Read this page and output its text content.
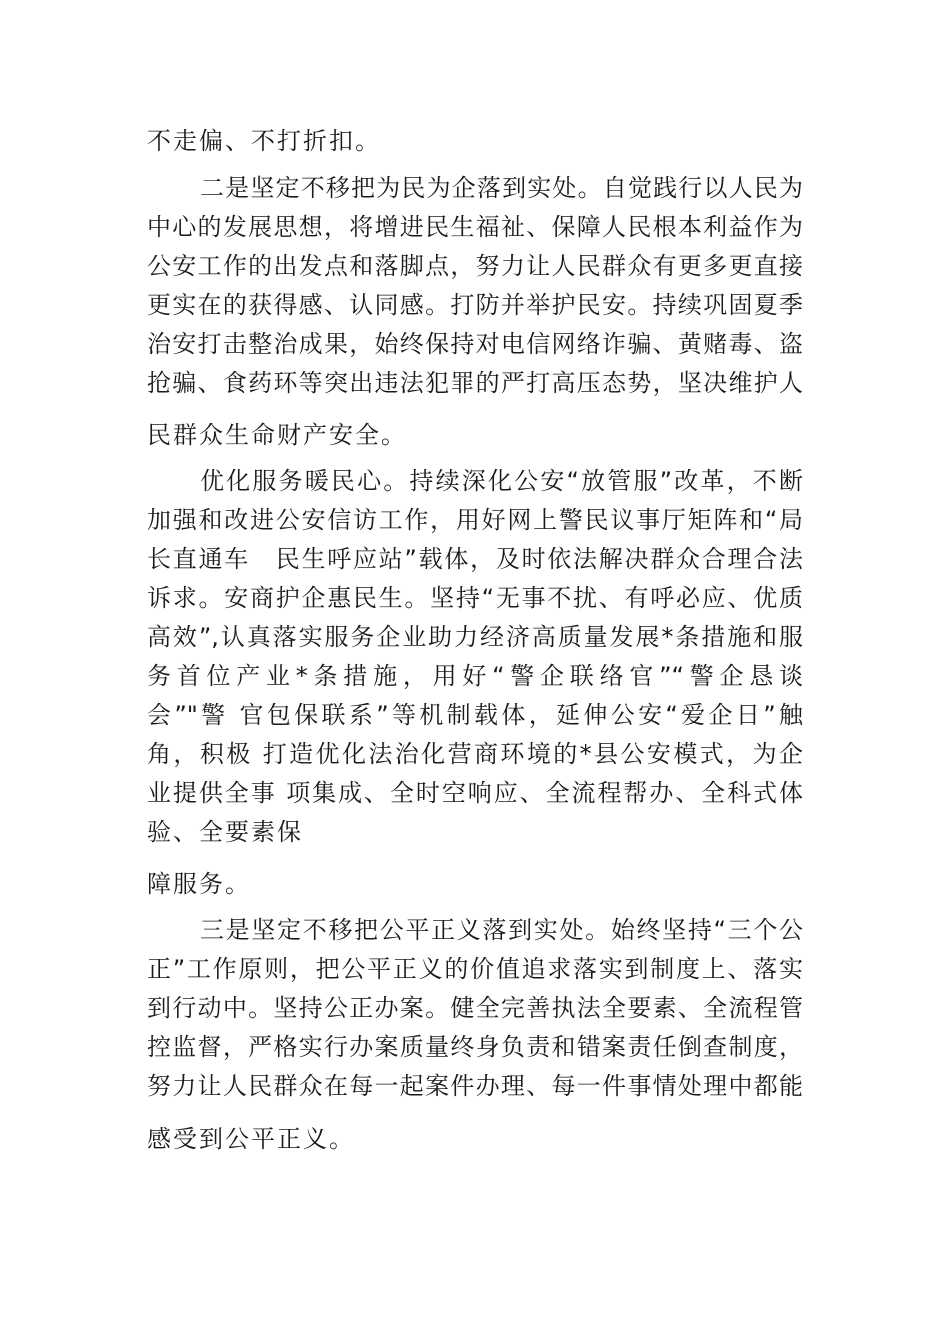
不走偏、不打折扣。
二是坚定不移把为民为企落到实处。自觉践行以人民为
中心的发展思想，将增进民生福祉、保障人民根本利益作为
公安工作的出发点和落脚点，努力让人民群众有更多更直接
更实在的获得感、认同感。打防并举护民安。持续巩固夏季
治安打击整治成果，始终保持对电信网络诈骗、黄赌毒、盗
抢骗、食药环等突出违法犯罪的严打高压态势，坚决维护人
民群众生命财产安全。
优化服务暖民心。持续深化公安“放管服”改革，不断
加强和改进公安信访工作，用好网上警民议事厅矩阵和“局
长直通车　民生呼应站”载体，及时依法解决群众合理合法
诉求。安商护企惠民生。坚持“无事不扰、有呼必应、优质
高效”,认真落实服务企业助力经济高质量发展*条措施和服
务首位产业*条措施，用好“警企联络官”“警企恳谈
会”"警 官包保联系”等机制载体，延伸公安“爱企日”触
角，积极 打造优化法治化营商环境的*县公安模式，为企
业提供全事 项集成、全时空响应、全流程帮办、全科式体
验、全要素保
障服务。
三是坚定不移把公平正义落到实处。始终坚持“三个公
正”工作原则，把公平正义的价值追求落实到制度上、落实
到行动中。坚持公正办案。健全完善执法全要素、全流程管
控监督，严格实行办案质量终身负责和错案责任倒查制度，
努力让人民群众在每一起案件办理、每一件事情处理中都能
感受到公平正义。
